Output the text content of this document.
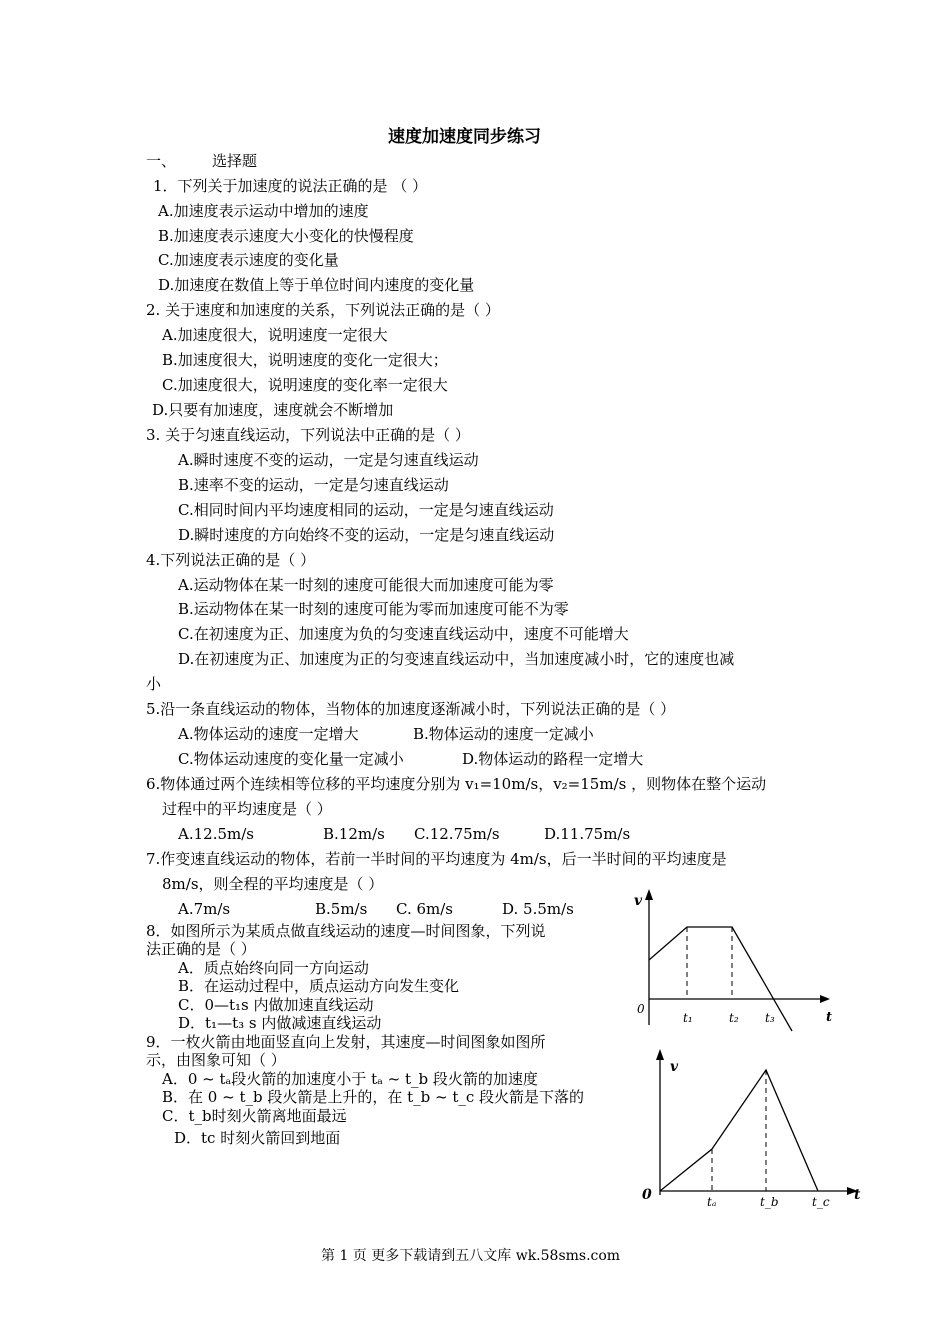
速度加速度同步练习
一、 选择题
1．下列关于加速度的说法正确的是 （ ）
A.加速度表示运动中增加的速度
B.加速度表示速度大小变化的快慢程度
C.加速度表示速度的变化量
D.加速度在数值上等于单位时间内速度的变化量
2. 关于速度和加速度的关系，下列说法正确的是（ ）
A.加速度很大，说明速度一定很大
B.加速度很大，说明速度的变化一定很大；
C.加速度很大，说明速度的变化率一定很大
D.只要有加速度，速度就会不断增加
3. 关于匀速直线运动，下列说法中正确的是（ ）
A.瞬时速度不变的运动，一定是匀速直线运动
B.速率不变的运动，一定是匀速直线运动
C.相同时间内平均速度相同的运动，一定是匀速直线运动
D.瞬时速度的方向始终不变的运动，一定是匀速直线运动
4.下列说法正确的是（ ）
A.运动物体在某一时刻的速度可能很大而加速度可能为零
B.运动物体在某一时刻的速度可能为零而加速度可能不为零
C.在初速度为正、加速度为负的匀变速直线运动中，速度不可能增大
D.在初速度为正、加速度为正的匀变速直线运动中，当加速度减小时，它的速度也减
小
5.沿一条直线运动的物体，当物体的加速度逐渐减小时，下列说法正确的是（ ）
A.物体运动的速度一定增大	B.物体运动的速度一定减小
C.物体运动速度的变化量一定减小	D.物体运动的路程一定增大
6.物体通过两个连续相等位移的平均速度分别为 v₁=10m/s，v₂=15m/s ，则物体在整个运动
过程中的平均速度是（ ）
A.12.5m/s	B.12m/s C.12.75m/s	D.11.75m/s
7.作变速直线运动的物体，若前一半时间的平均速度为 4m/s，后一半时间的平均速度是
8m/s，则全程的平均速度是（ ）
A.7m/s	B.5m/s C. 6m/s	D. 5.5m/s
8．如图所示为某质点做直线运动的速度—时间图象，下列说
法正确的是（ ）
A．质点始终向同一方向运动
B．在运动过程中，质点运动方向发生变化
C．0—t₁s 内做加速直线运动
D．t₁—t₃ s 内做减速直线运动
9．一枚火箭由地面竖直向上发射，其速度—时间图象如图所
示，由图象可知（ ）
A．0 ~ tₐ段火箭的加速度小于 tₐ ~ t_b 段火箭的加速度
B．在 0 ~ t_b 段火箭是上升的，在 t_b ~ t_c 段火箭是下落的
C．t_b时刻火箭离地面最远
D．tc 时刻火箭回到地面
v
0
t₁	t₂ t₃	t
v
0	tₐ	t_b	t_c t
第 1 页 更多下载请到五八文库 wk.58sms.com
